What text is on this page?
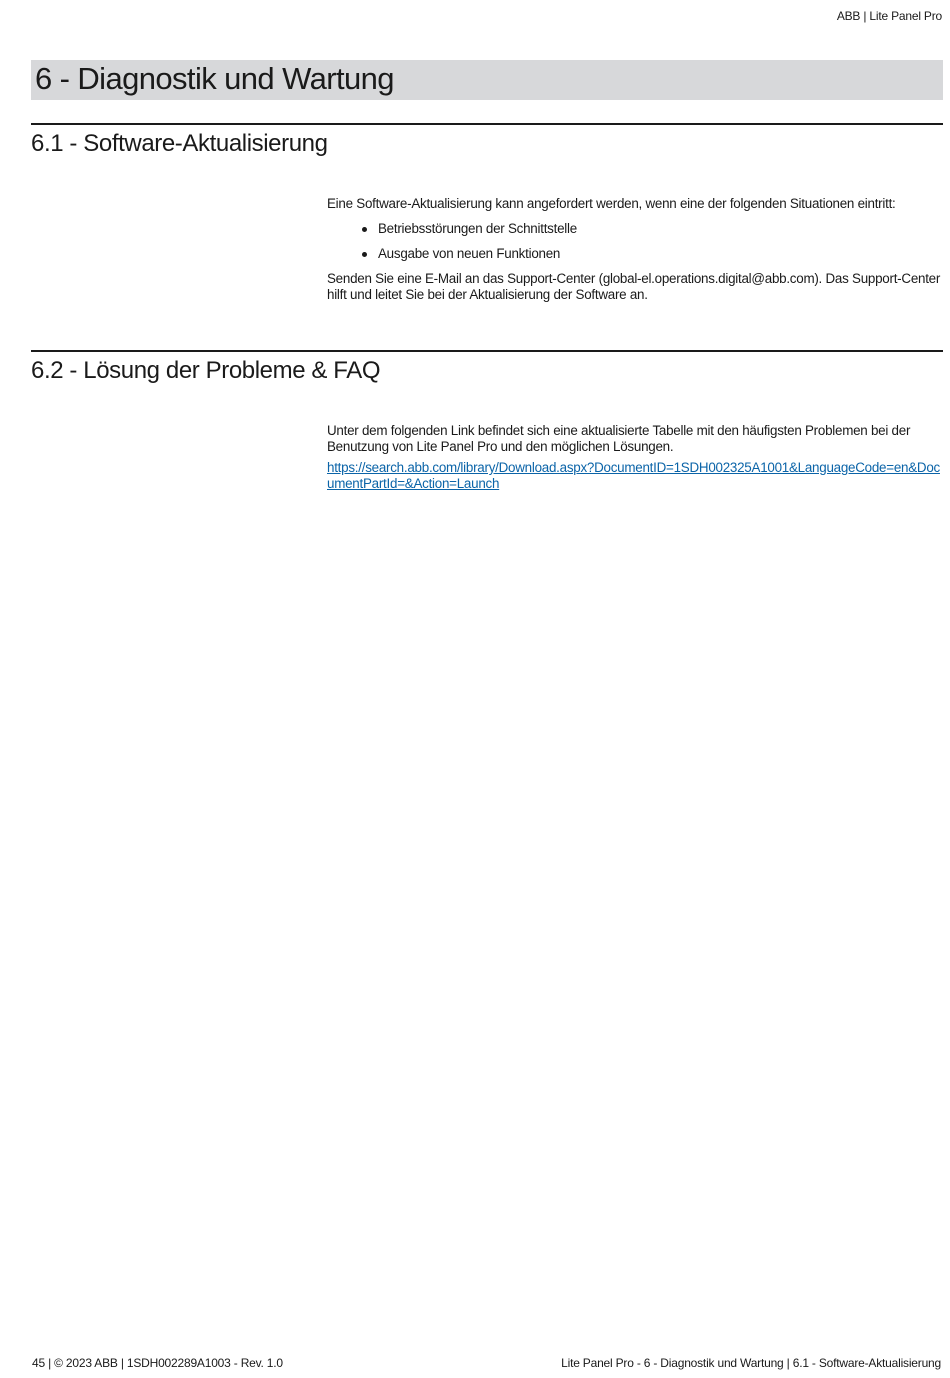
ABB | Lite Panel Pro
6 - Diagnostik und Wartung
6.1 - Software-Aktualisierung

Eine Software-Aktualisierung kann angefordert werden, wenn eine der folgenden Situationen eintritt:

Betriebsstörungen der Schnittstelle
Ausgabe von neuen Funktionen

Senden Sie eine E-Mail an das Support-Center (global-el.operations.digital@abb.com). Das Support-Center hilft und leitet Sie bei der Aktualisierung der Software an.

6.2 - Lösung der Probleme & FAQ

Unter dem folgenden Link befindet sich eine aktualisierte Tabelle mit den häufigsten Problemen bei der Benutzung von Lite Panel Pro und den möglichen Lösungen.

https://search.abb.com/library/Download.aspx?DocumentID=1SDH002325A1001&LanguageCode=en&DocumentPartId=&Action=Launch
45 | © 2023 ABB | 1SDH002289A1003 - Rev. 1.0	Lite Panel Pro - 6 - Diagnostik und Wartung | 6.1 - Software-Aktualisierung
